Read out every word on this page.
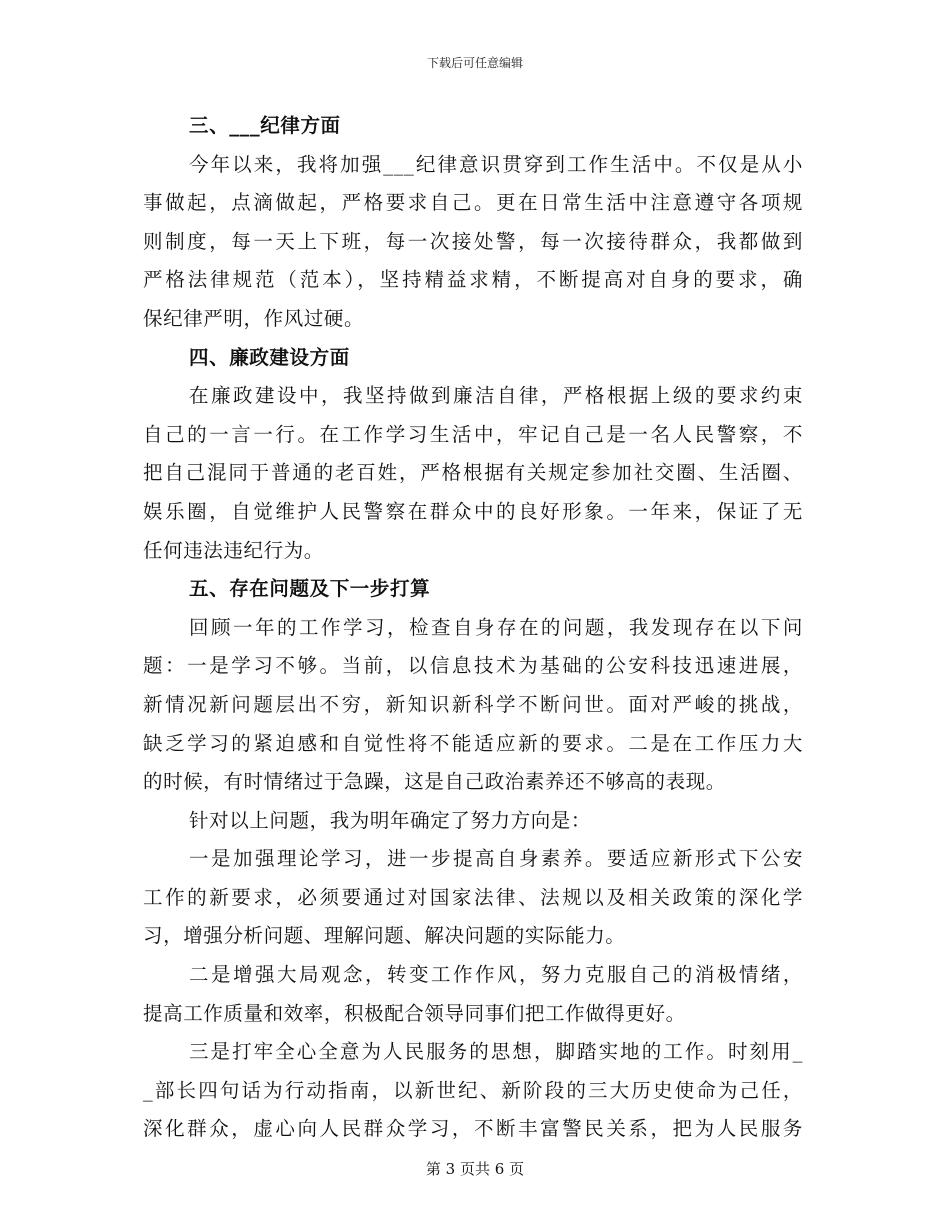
下载后可任意编辑
三、___纪律方面
今年以来，我将加强___纪律意识贯穿到工作生活中。不仅是从小
事做起，点滴做起，严格要求自己。更在日常生活中注意遵守各项规
则制度，每一天上下班，每一次接处警，每一次接待群众，我都做到
严格法律规范（范本），坚持精益求精，不断提高对自身的要求，确
保纪律严明，作风过硬。
四、廉政建设方面
在廉政建设中，我坚持做到廉洁自律，严格根据上级的要求约束
自己的一言一行。在工作学习生活中，牢记自己是一名人民警察，不
把自己混同于普通的老百姓，严格根据有关规定参加社交圈、生活圈、
娱乐圈，自觉维护人民警察在群众中的良好形象。一年来，保证了无
任何违法违纪行为。
五、存在问题及下一步打算
回顾一年的工作学习，检查自身存在的问题，我发现存在以下问
题：一是学习不够。当前，以信息技术为基础的公安科技迅速进展，
新情况新问题层出不穷，新知识新科学不断问世。面对严峻的挑战，
缺乏学习的紧迫感和自觉性将不能适应新的要求。二是在工作压力大
的时候，有时情绪过于急躁，这是自己政治素养还不够高的表现。
针对以上问题，我为明年确定了努力方向是：
一是加强理论学习，进一步提高自身素养。要适应新形式下公安
工作的新要求，必须要通过对国家法律、法规以及相关政策的深化学
习，增强分析问题、理解问题、解决问题的实际能力。
二是增强大局观念，转变工作作风，努力克服自己的消极情绪，
提高工作质量和效率，积极配合领导同事们把工作做得更好。
三是打牢全心全意为人民服务的思想，脚踏实地的工作。时刻用_
_部长四句话为行动指南，以新世纪、新阶段的三大历史使命为己任，
深化群众，虚心向人民群众学习，不断丰富警民关系，把为人民服务
第 3 页共 6 页
